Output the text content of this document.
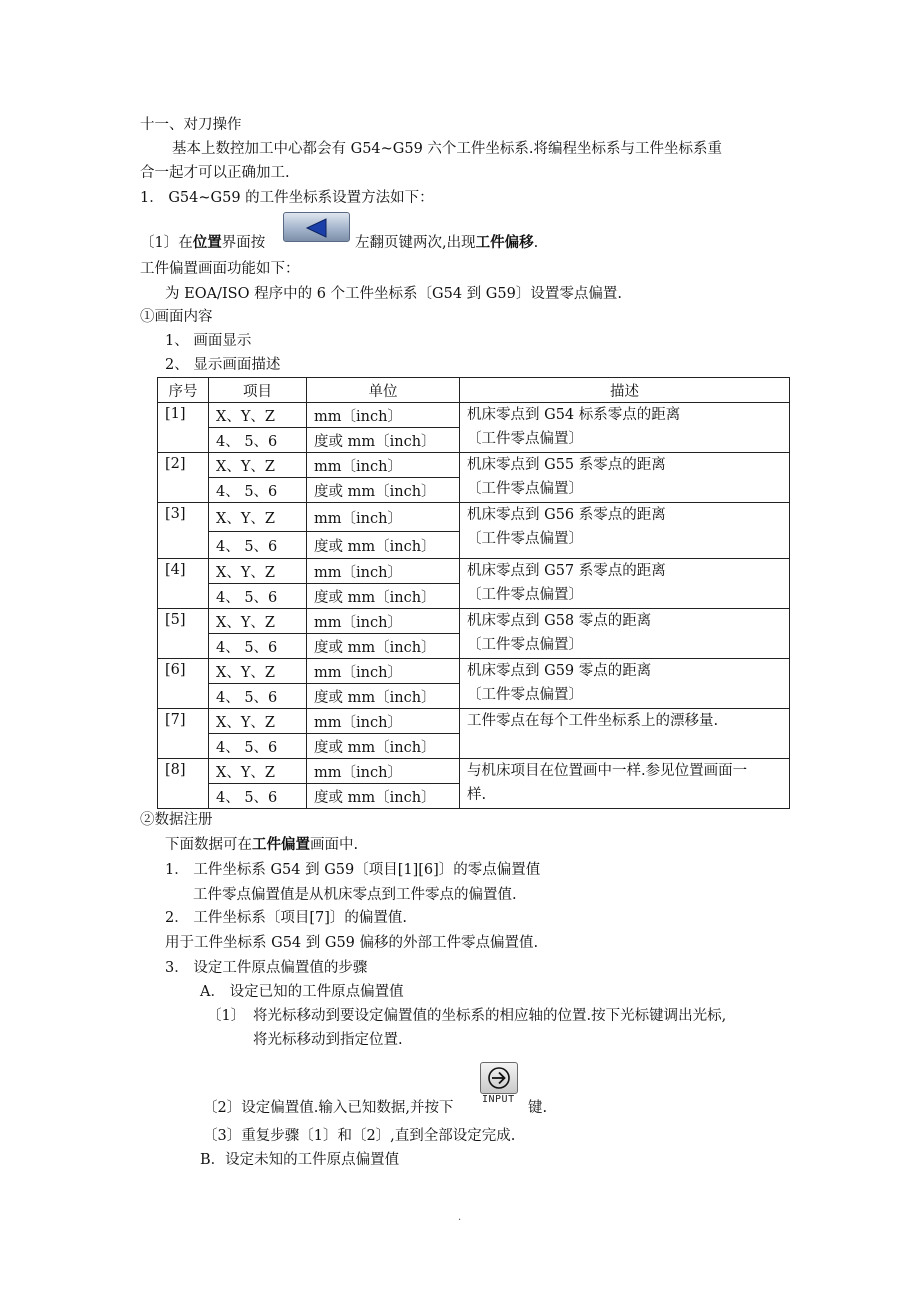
十一、对刀操作
基本上数控加工中心都会有 G54~G59 六个工件坐标系.将编程坐标系与工件坐标系重
合一起才可以正确加工.
1． G54~G59 的工件坐标系设置方法如下：
〔1〕在位置界面按	左翻页键两次,出现工件偏移.
工件偏置画面功能如下：
为 EOA/ISO 程序中的 6 个工件坐标系〔G54 到 G59〕设置零点偏置.
①画面内容
1、 画面显示
2、 显示画面描述
序号	项目	单位	描述
[1]	X、Y、Z	mm〔inch〕	机床零点到 G54 标系零点的距离
〔工件零点偏置〕

	4、 5、6	度或 mm〔inch〕	
[2]	X、Y、Z	mm〔inch〕	机床零点到 G55 系零点的距离
〔工件零点偏置〕

	4、 5、6	度或 mm〔inch〕	
[3]	X、Y、Z	mm〔inch〕	机床零点到 G56 系零点的距离
〔工件零点偏置〕

	4、 5、6	度或 mm〔inch〕	
[4]	X、Y、Z	mm〔inch〕	机床零点到 G57 系零点的距离
〔工件零点偏置〕

	4、 5、6	度或 mm〔inch〕	
[5]	X、Y、Z	mm〔inch〕	机床零点到 G58 零点的距离
〔工件零点偏置〕

	4、 5、6	度或 mm〔inch〕	
[6]	X、Y、Z	mm〔inch〕	机床零点到 G59 零点的距离
〔工件零点偏置〕

	4、 5、6	度或 mm〔inch〕	
[7]	X、Y、Z	mm〔inch〕	工件零点在每个工件坐标系上的漂移量.

	4、 5、6	度或 mm〔inch〕	
[8]	X、Y、Z	mm〔inch〕	与机床项目在位置画中一样.参见位置画面一
样.

	4、 5、6	度或 mm〔inch〕	
②数据注册
下面数据可在工件偏置画面中.
1． 工件坐标系 G54 到 G59〔项目[1][6]〕的零点偏置值
工件零点偏置值是从机床零点到工件零点的偏置值.
2． 工件坐标系〔项目[7]〕的偏置值.
用于工件坐标系 G54 到 G59 偏移的外部工件零点偏置值.
3． 设定工件原点偏置值的步骤
A． 设定已知的工件原点偏置值
〔1〕 将光标移动到要设定偏置值的坐标系的相应轴的位置.按下光标键调出光标,
将光标移动到指定位置.
〔2〕设定偏置值.输入已知数据,并按下
INPUT
键.
〔3〕重复步骤〔1〕和〔2〕,直到全部设定完成.
B．设定未知的工件原点偏置值
.
